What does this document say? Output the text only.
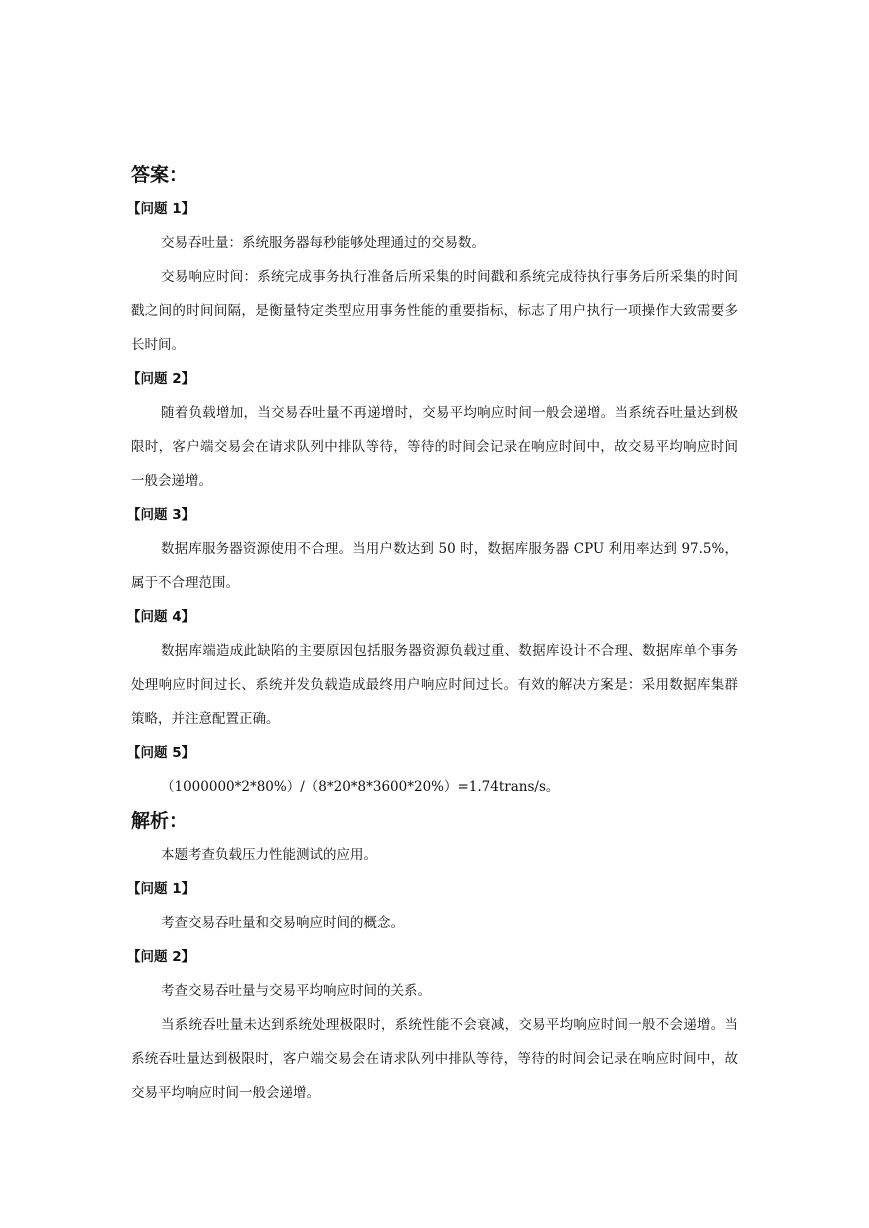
答案：
【问题 1】

交易吞吐量：系统服务器每秒能够处理通过的交易数。

交易响应时间：系统完成事务执行准备后所采集的时间戳和系统完成待执行事务后所采集的时间戳之间的时间间隔，是衡量特定类型应用事务性能的重要指标，标志了用户执行一项操作大致需要多长时间。

【问题 2】

随着负载增加，当交易吞吐量不再递增时，交易平均响应时间一般会递增。当系统吞吐量达到极限时，客户端交易会在请求队列中排队等待，等待的时间会记录在响应时间中，故交易平均响应时间一般会递增。

【问题 3】

数据库服务器资源使用不合理。当用户数达到 50 时，数据库服务器 CPU 利用率达到 97.5%，属于不合理范围。

【问题 4】

数据库端造成此缺陷的主要原因包括服务器资源负载过重、数据库设计不合理、数据库单个事务处理响应时间过长、系统并发负载造成最终用户响应时间过长。有效的解决方案是：采用数据库集群策略，并注意配置正确。

【问题 5】

（1000000*2*80%）/（8*20*8*3600*20%）=1.74trans/s。

解析：

本题考查负载压力性能测试的应用。

【问题 1】

考查交易吞吐量和交易响应时间的概念。

【问题 2】

考查交易吞吐量与交易平均响应时间的关系。

当系统吞吐量未达到系统处理极限时，系统性能不会衰减，交易平均响应时间一般不会递增。当系统吞吐量达到极限时，客户端交易会在请求队列中排队等待，等待的时间会记录在响应时间中，故交易平均响应时间一般会递增。
